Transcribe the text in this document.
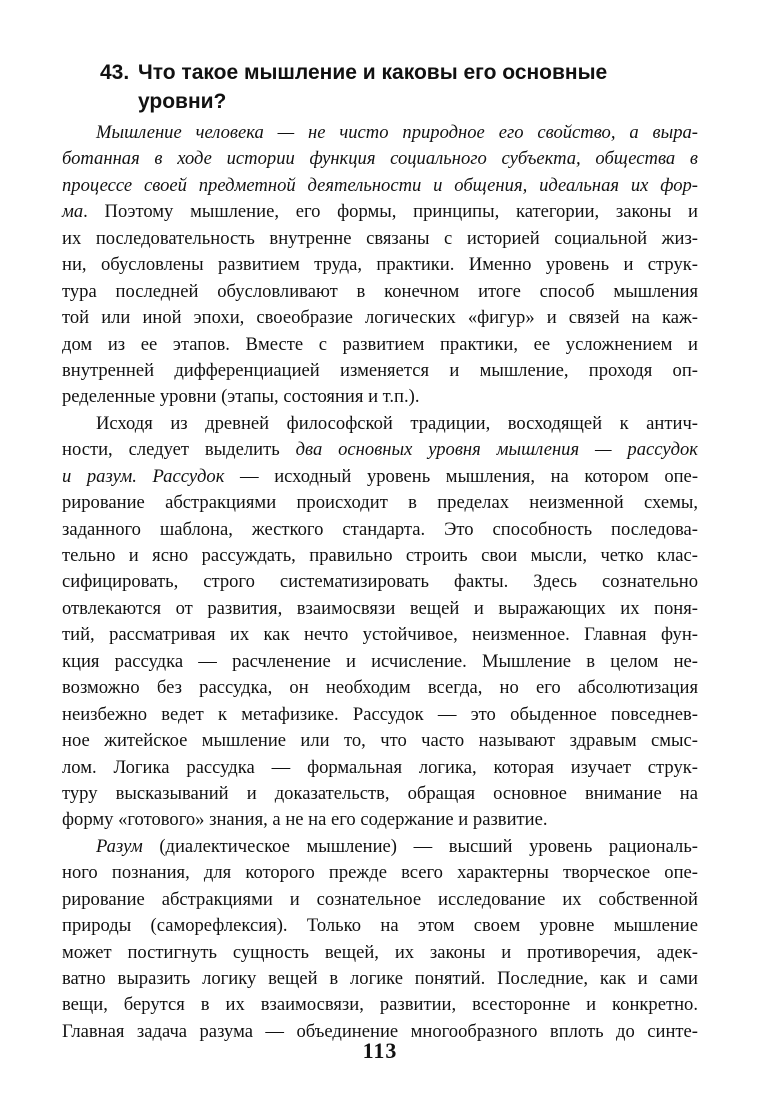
43. Что такое мышление и каковы его основные
уровни?
Мышление человека — не чисто природное его свойство, а выра-
ботанная в ходе истории функция социального субъекта, общества в
процессе своей предметной деятельности и общения, идеальная их фор-
ма. Поэтому мышление, его формы, принципы, категории, законы и
их последовательность внутренне связаны с историей социальной жиз-
ни, обусловлены развитием труда, практики. Именно уровень и струк-
тура последней обусловливают в конечном итоге способ мышления
той или иной эпохи, своеобразие логических «фигур» и связей на каж-
дом из ее этапов. Вместе с развитием практики, ее усложнением и
внутренней дифференциацией изменяется и мышление, проходя оп-
ределенные уровни (этапы, состояния и т.п.).
Исходя из древней философской традиции, восходящей к антич-
ности, следует выделить два основных уровня мышления — рассудок
и разум. Рассудок — исходный уровень мышления, на котором опе-
рирование абстракциями происходит в пределах неизменной схемы,
заданного шаблона, жесткого стандарта. Это способность последова-
тельно и ясно рассуждать, правильно строить свои мысли, четко клас-
сифицировать, строго систематизировать факты. Здесь сознательно
отвлекаются от развития, взаимосвязи вещей и выражающих их поня-
тий, рассматривая их как нечто устойчивое, неизменное. Главная фун-
кция рассудка — расчленение и исчисление. Мышление в целом не-
возможно без рассудка, он необходим всегда, но его абсолютизация
неизбежно ведет к метафизике. Рассудок — это обыденное повседнев-
ное житейское мышление или то, что часто называют здравым смыс-
лом. Логика рассудка — формальная логика, которая изучает струк-
туру высказываний и доказательств, обращая основное внимание на
форму «готового» знания, а не на его содержание и развитие.
Разум (диалектическое мышление) — высший уровень рациональ-
ного познания, для которого прежде всего характерны творческое опе-
рирование абстракциями и сознательное исследование их собственной
природы (саморефлексия). Только на этом своем уровне мышление
может постигнуть сущность вещей, их законы и противоречия, адек-
ватно выразить логику вещей в логике понятий. Последние, как и сами
вещи, берутся в их взаимосвязи, развитии, всесторонне и конкретно.
Главная задача разума — объединение многообразного вплоть до синте-
113
